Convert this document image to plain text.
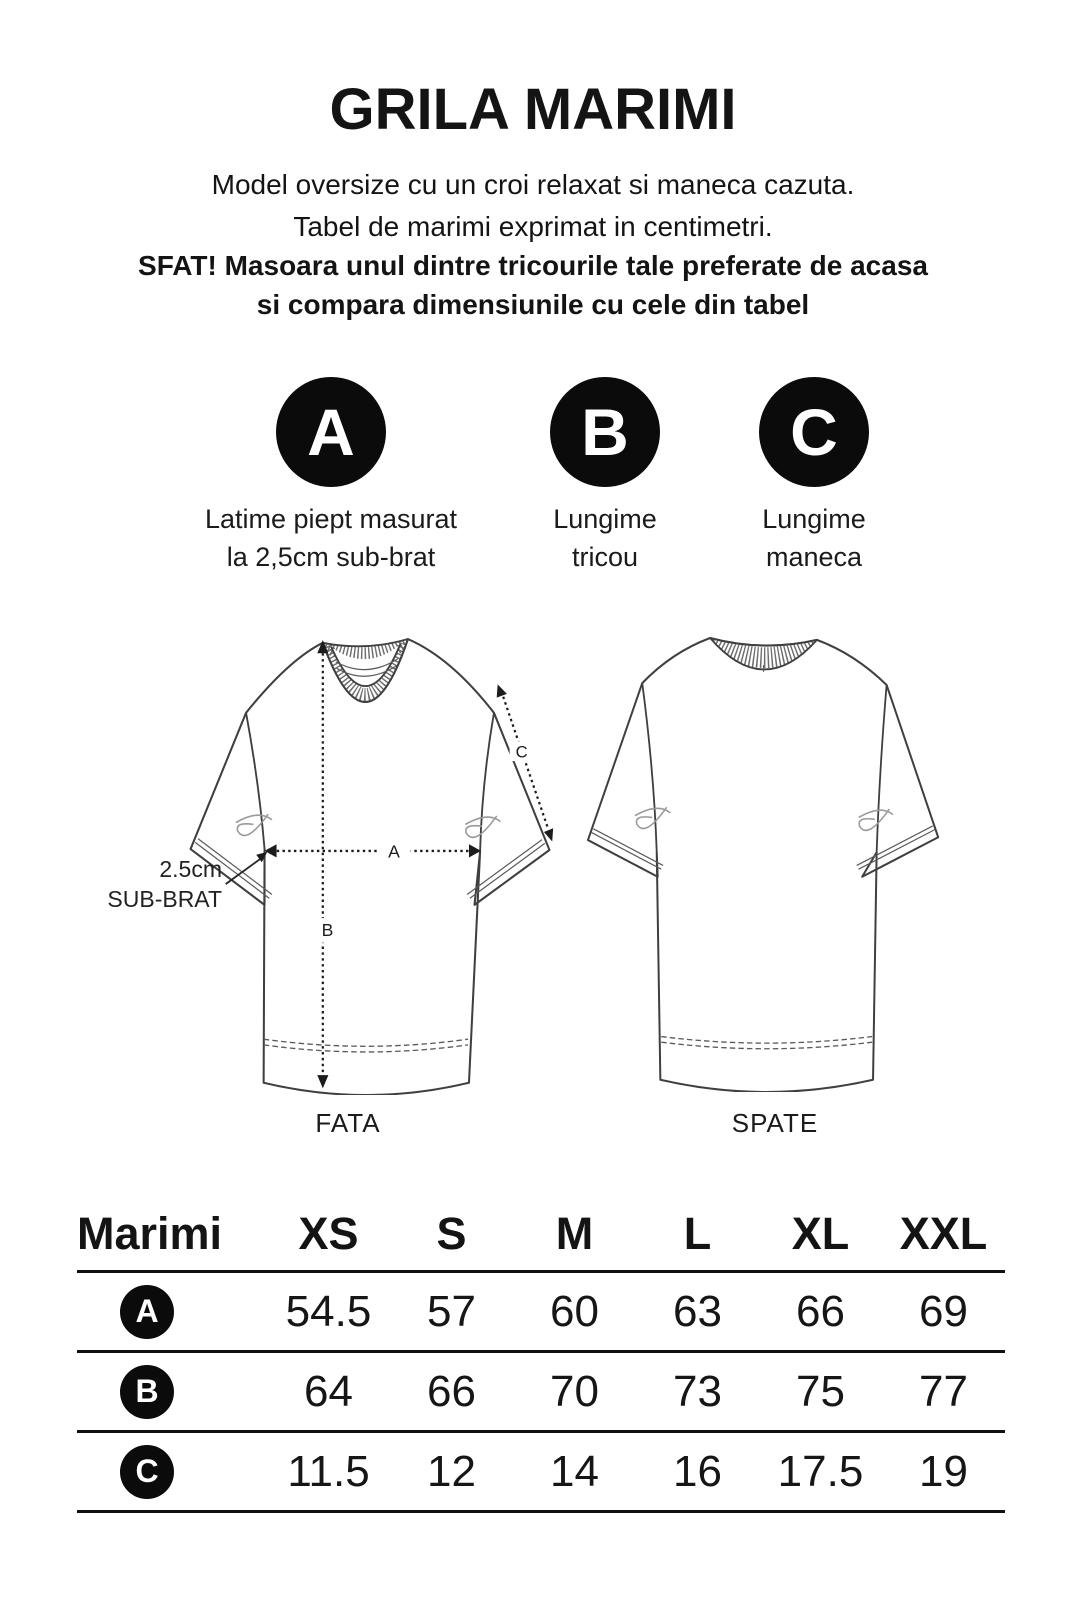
GRILA MARIMI
Model oversize cu un croi relaxat si maneca cazuta.
Tabel de marimi exprimat in centimetri.
SFAT! Masoara unul dintre tricourile tale preferate de acasa
si compara dimensiunile cu cele din tabel
A
Latime piept masurat
la 2,5cm sub-brat
B
Lungime
tricou
C
Lungime
maneca
B
A
C
2.5cm
SUB-BRAT
FATA	SPATE
Marimi	XS	S	M	L	XL	XXL
A	54.5	57	60	63	66	69
B	64	66	70	73	75	77
C	11.5	12	14	16	17.5	19
